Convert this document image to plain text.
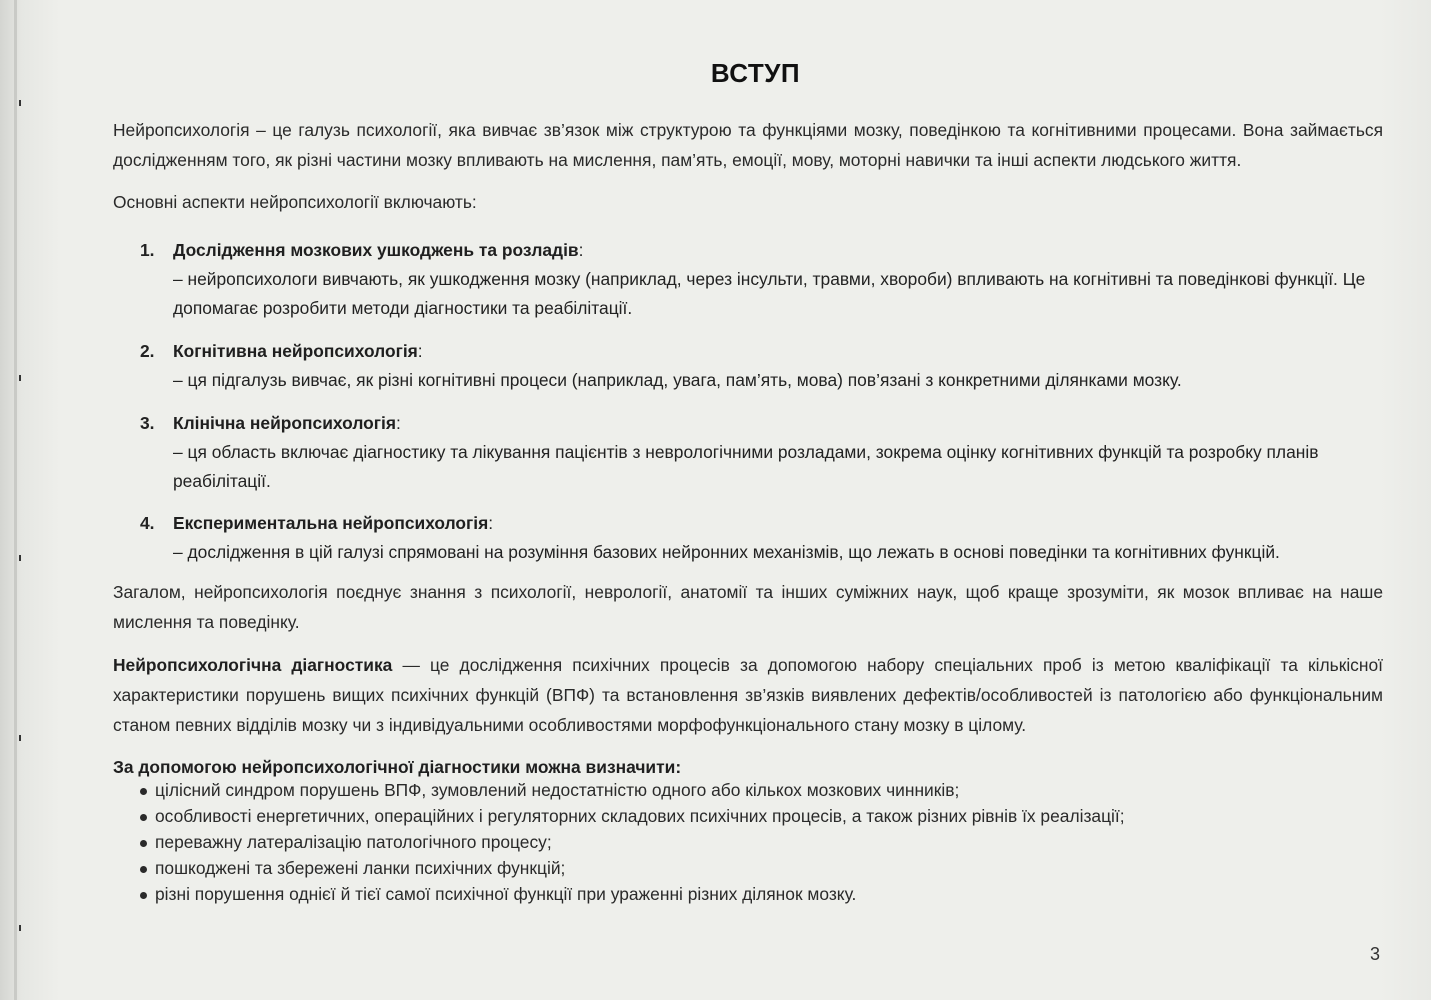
ВСТУП

Нейропсихологія – це галузь психології, яка вивчає зв’язок між структурою та функціями мозку, поведінкою та когнітивними процесами. Вона займається дослідженням того, як різні частини мозку впливають на мислення, пам’ять, емоції, мову, моторні навички та інші аспекти людського життя.

Основні аспекти нейропсихології включають:

1. Дослідження мозкових ушкоджень та розладів:
– нейропсихологи вивчають, як ушкодження мозку (наприклад, через інсульти, травми, хвороби) впливають на когнітивні та поведінкові функції. Це допомагає розробити методи діагностики та реабілітації.
2. Когнітивна нейропсихологія:
– ця підгалузь вивчає, як різні когнітивні процеси (наприклад, увага, пам’ять, мова) пов’язані з конкретними ділянками мозку.
3. Клінічна нейропсихологія:
– ця область включає діагностику та лікування пацієнтів з неврологічними розладами, зокрема оцінку когнітивних функцій та розробку планів реабілітації.
4. Експериментальна нейропсихологія:
– дослідження в цій галузі спрямовані на розуміння базових нейронних механізмів, що лежать в основі поведінки та когнітивних функцій.

Загалом, нейропсихологія поєднує знання з психології, неврології, анатомії та інших суміжних наук, щоб краще зрозуміти, як мозок впливає на наше мислення та поведінку.

Нейропсихологічна діагностика — це дослідження психічних процесів за допомогою набору спеціальних проб із метою кваліфікації та кількісної характеристики порушень вищих психічних функцій (ВПФ) та встановлення зв’язків виявлених дефектів/особливостей із патологією або функціональним станом певних відділів мозку чи з індивідуальними особливостями морфофункціонального стану мозку в цілому.

За допомогою нейропсихологічної діагностики можна визначити:

цілісний синдром порушень ВПФ, зумовлений недостатністю одного або кількох мозкових чинників;
особливості енергетичних, операційних і регуляторних складових психічних процесів, а також різних рівнів їх реалізації;
переважну латералізацію патологічного процесу;
пошкоджені та збережені ланки психічних функцій;
різні порушення однієї й тієї самої психічної функції при ураженні різних ділянок мозку.
3
